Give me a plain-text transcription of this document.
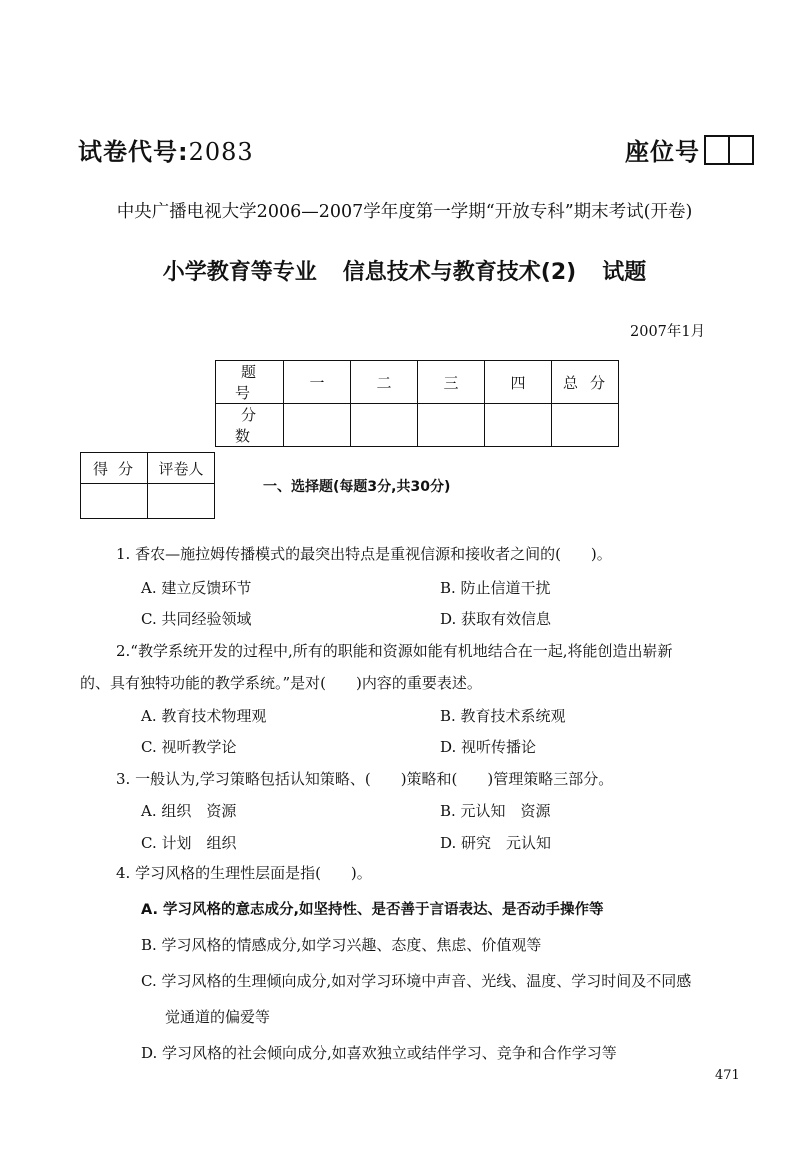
试卷代号:2083	座位号
中央广播电视大学2006—2007学年度第一学期“开放专科”期末考试(开卷)
小学教育等专业 信息技术与教育技术(2) 试题
2007年1月
题号	一	二	三	四	总分
分数					
得分	评卷人

一、选择题(每题3分,共30分)
1. 香农—施拉姆传播模式的最突出特点是重视信源和接收者之间的(　　)。
A. 建立反馈环节	B. 防止信道干扰
C. 共同经验领域	D. 获取有效信息
2.“教学系统开发的过程中,所有的职能和资源如能有机地结合在一起,将能创造出崭新
的、具有独特功能的教学系统。”是对(　　)内容的重要表述。
A. 教育技术物理观	B. 教育技术系统观
C. 视听教学论	D. 视听传播论
3. 一般认为,学习策略包括认知策略、(　　)策略和(　　)管理策略三部分。
A. 组织　资源	B. 元认知　资源
C. 计划　组织	D. 研究　元认知
4. 学习风格的生理性层面是指(　　)。
A. 学习风格的意志成分,如坚持性、是否善于言语表达、是否动手操作等
B. 学习风格的情感成分,如学习兴趣、态度、焦虑、价值观等
C. 学习风格的生理倾向成分,如对学习环境中声音、光线、温度、学习时间及不同感
觉通道的偏爱等
D. 学习风格的社会倾向成分,如喜欢独立或结伴学习、竞争和合作学习等
471
